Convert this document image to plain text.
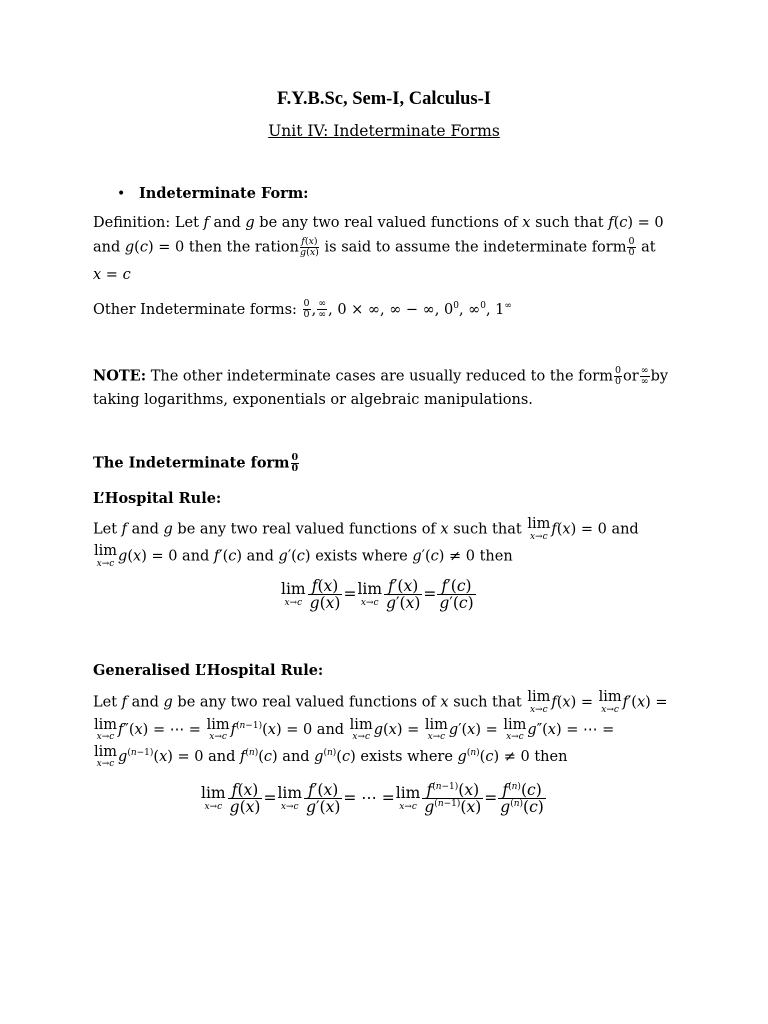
F.Y.B.Sc, Sem-I, Calculus-I
Unit IV: Indeterminate Forms
• Indeterminate Form:
Definition: Let f and g be any two real valued functions of x such that f(c) = 0
and g(c) = 0 then the ration $\frac{f(x)}{g(x)}$ is said to assume the indeterminate form $\frac{0}{0}$ at
x = c
Other Indeterminate forms: $\frac{0}{0}$ , $\frac{\infty}{\infty}$ , 0 × ∞, ∞ − ∞, $0^0$, ∞$^0$, 1∞
NOTE: The other indeterminate cases are usually reduced to the form $\frac{0}{0}$ or $\frac{\infty}{\infty}$ by
taking logarithms, exponentials or algebraic manipulations.
The Indeterminate form $\frac{0}{0}$
L’Hospital Rule:
Let f and g be any two real valued functions of x such that lim
x→c f(x) = 0 and
lim
x→c g(x) = 0 and f′(c) and g′(c) exists where g′(c) ≠ 0 then
lim
$x\to c \frac{f(x)}{g(x)} =\lim$
$x\to c \frac{f'(x)}{g'(x)} = \frac{f'(c)}{g'(c)}$
Generalised L’Hospital Rule:
Let f and g be any two real valued functions of x such that lim
x→c f(x) = lim
x→c f′(x) =
lim
x→c f″(x) = ⋯ = lim
x→c $f^{(n-1)}(x) = 0$ and lim
x→c g(x) = lim
x→c g′(x) = lim
x→c g″(x) = ⋯ =
lim
x→c $g^{(n-1)}(x) = 0$ and $f^{(n)}(c)$ and $g^{(n)}(c)$ exists where $g^{(n)}(c) \ne 0$ then
lim
$x\to c \frac{f(x)}{g(x)} =\lim$
$x\to c \frac{f'(x)}{g'(x)}$ = ⋯ =lim
$x\to c \frac{f^{(n-1)}(x)}{g^{(n-1)}(x)} = \frac{f^{(n)}(c)}{g^{(n)}(c)}$
